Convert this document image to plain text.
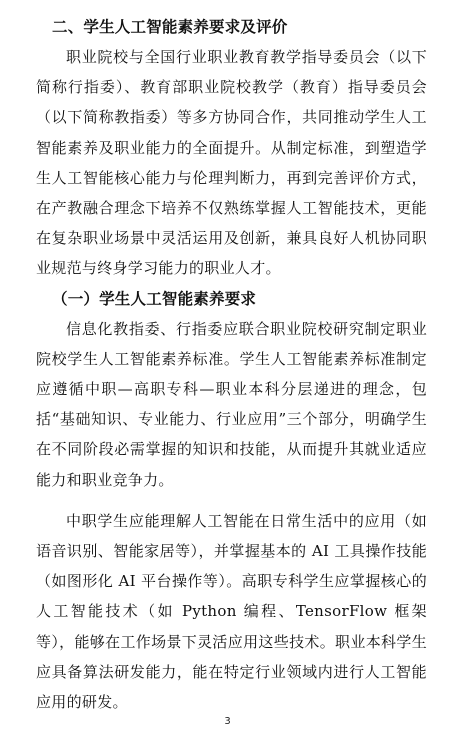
二、学生人工智能素养要求及评价

职业院校与全国行业职业教育教学指导委员会（以下简称行指委）、教育部职业院校教学（教育）指导委员会（以下简称教指委）等多方协同合作，共同推动学生人工智能素养及职业能力的全面提升。从制定标准，到塑造学生人工智能核心能力与伦理判断力，再到完善评价方式，在产教融合理念下培养不仅熟练掌握人工智能技术，更能在复杂职业场景中灵活运用及创新，兼具良好人机协同职业规范与终身学习能力的职业人才。

（一）学生人工智能素养要求

信息化教指委、行指委应联合职业院校研究制定职业院校学生人工智能素养标准。学生人工智能素养标准制定应遵循中职—高职专科—职业本科分层递进的理念，包括“基础知识、专业能力、行业应用”三个部分，明确学生在不同阶段必需掌握的知识和技能，从而提升其就业适应能力和职业竞争力。

中职学生应能理解人工智能在日常生活中的应用（如语音识别、智能家居等），并掌握基本的 AI 工具操作技能（如图形化 AI 平台操作等）。高职专科学生应掌握核心的人工智能技术（如 Python 编程、TensorFlow 框架等），能够在工作场景下灵活应用这些技术。职业本科学生应具备算法研发能力，能在特定行业领域内进行人工智能应用的研发。

3
